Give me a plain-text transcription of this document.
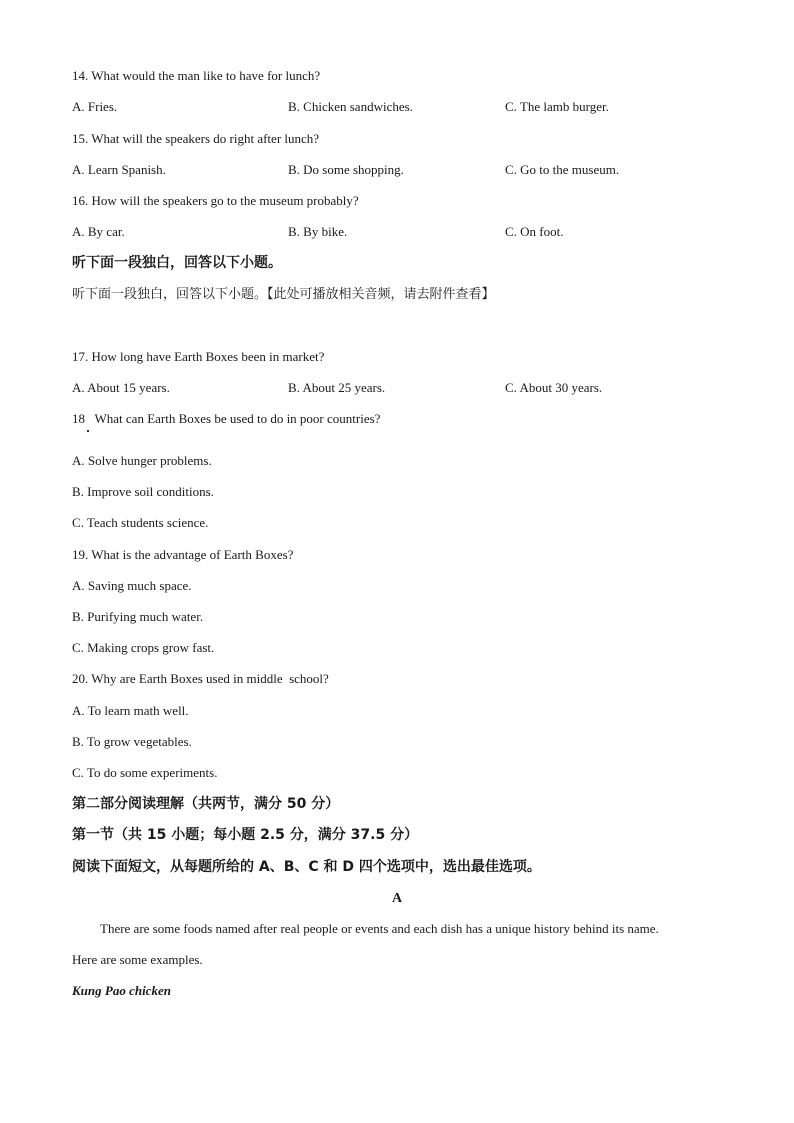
14. What would the man like to have for lunch?
A. Fries.	B. Chicken sandwiches.	C. The lamb burger.
15. What will the speakers do right after lunch?
A. Learn Spanish.	B. Do some shopping.	C. Go to the museum.
16. How will the speakers go to the museum probably?
A. By car.	B. By bike.	C. On foot.
听下面一段独白，回答以下小题。
听下面一段独白，回答以下小题。【此处可播放相关音频，请去附件查看】
17. How long have Earth Boxes been in market?
A. About 15 years.	B. About 25 years.	C. About 30 years.
18   What can Earth Boxes be used to do in poor countries?
A. Solve hunger problems.
B. Improve soil conditions.
C. Teach students science.
19. What is the advantage of Earth Boxes?
A. Saving much space.
B. Purifying much water.
C. Making crops grow fast.
20. Why are Earth Boxes used in middle  school?
A. To learn math well.
B. To grow vegetables.
C. To do some experiments.
第二部分阅读理解（共两节，满分 50 分）
第一节（共 15 小题；每小题 2.5 分，满分 37.5 分）
阅读下面短文，从每题所给的 A、B、C 和 D 四个选项中，选出最佳选项。
A
There are some foods named after real people or events and each dish has a unique history behind its name.
Here are some examples.
Kung Pao chicken
